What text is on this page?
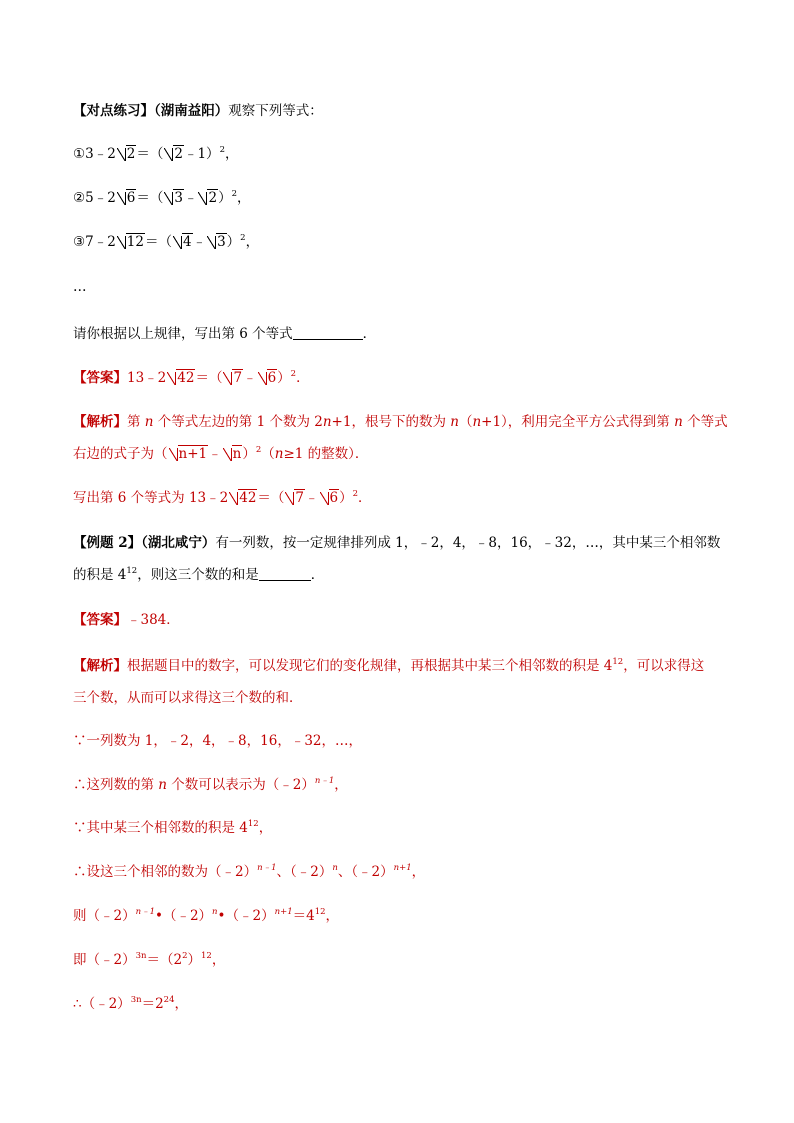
【对点练习】（湖南益阳）观察下列等式：
①3﹣2 2＝（ 2﹣1）$^2$，
②5﹣2 6＝（ 3﹣ 2）$^2$，
③7﹣2 12＝（ 4﹣ 3）$^2$，
…
请你根据以上规律，写出第 6 个等式	．
【答案】13﹣2 42＝（ 7﹣ 6）$^2$．
【解析】第 n 个等式左边的第 1 个数为 2n+1，根号下的数为 n（n+1），利用完全平方公式得到第 n 个等式
右边的式子为（ n+1﹣ n）$^2$（n≥1 的整数）．
写出第 6 个等式为 13﹣2 42＝（ 7﹣ 6）$^2$．
【例题 2】（湖北咸宁）有一列数，按一定规律排列成 1，﹣2，4，﹣8，16，﹣32，…，其中某三个相邻数
的积是 $4^{12}$，则这三个数的和是	．
【答案】﹣384．
【解析】根据题目中的数字，可以发现它们的变化规律，再根据其中某三个相邻数的积是 $4^{12}$，可以求得这
三个数，从而可以求得这三个数的和．
∵一列数为 1，﹣2，4，﹣8，16，﹣32，…，
∴这列数的第 n 个数可以表示为（﹣2）$^{n﹣1}$，
∵其中某三个相邻数的积是 $4^{12}$，
∴设这三个相邻的数为（﹣2）$^{n﹣1}$、（﹣2）$^n$、（﹣2）$^{n+1}$，
则$(﹣2)^{n﹣1}•(﹣2)^n•(﹣2)^{n+1}=4^{12}$，
即$(﹣2)^{3n}=(2^2)^{12}$，
$\therefore(﹣2)^{3n}=2^{24}$，
